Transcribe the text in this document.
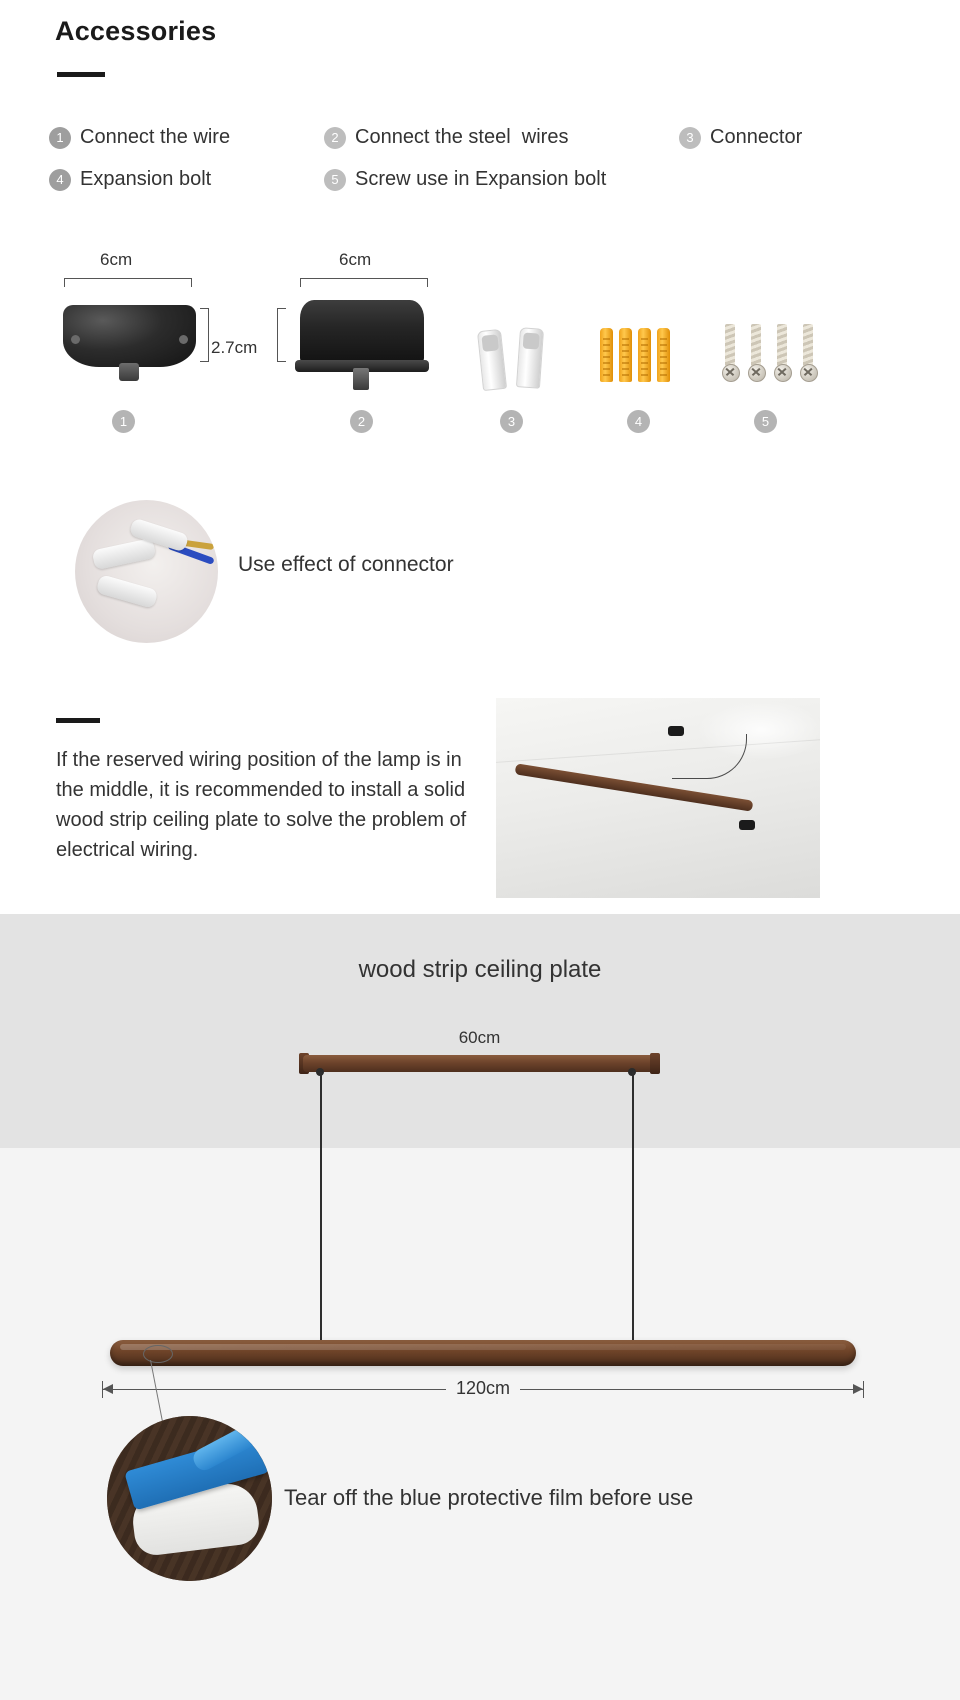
Accessories
1 Connect the wire	2 Connect the steel  wires	3 Connector
4 Expansion bolt	5 Screw use in Expansion bolt
6cm
2.7cm
1
6cm
2	3	4	5
Use effect of connector
If the reserved wiring position of the lamp is in the middle, it is recommended to install a solid wood strip ceiling plate to solve the problem of electrical wiring.
wood strip ceiling plate
60cm
120cm
Tear off the blue protective film before use
